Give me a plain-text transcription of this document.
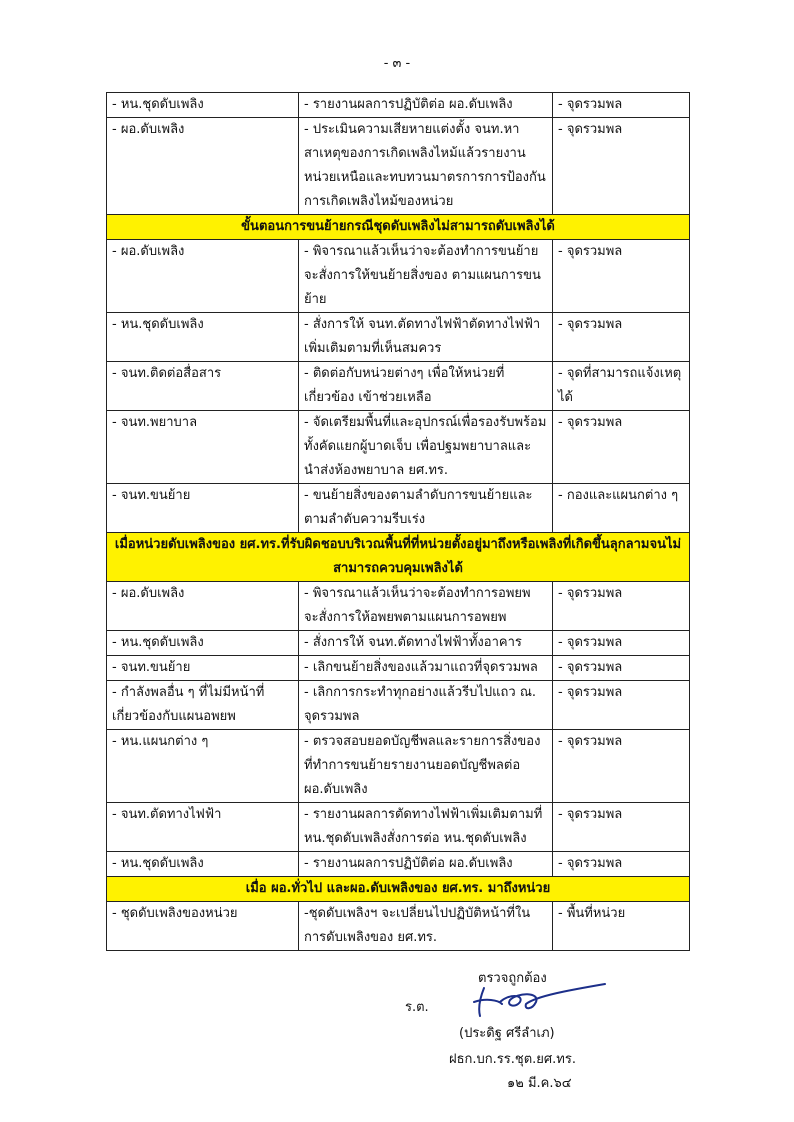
- ๓ -
- หน.ชุดดับเพลิง	- รายงานผลการปฏิบัติต่อ ผอ.ดับเพลิง	- จุดรวมพล
- ผอ.ดับเพลิง	- ประเมินความเสียหายแต่งตั้ง จนท.หาสาเหตุของการเกิดเพลิงไหม้แล้วรายงานหน่วยเหนือและทบทวนมาตรการการป้องกันการเกิดเพลิงไหม้ของหน่วย	- จุดรวมพล
ขั้นตอนการขนย้ายกรณีชุดดับเพลิงไม่สามารถดับเพลิงได้		
- ผอ.ดับเพลิง	- พิจารณาแล้วเห็นว่าจะต้องทำการขนย้าย จะสั่งการให้ขนย้ายสิ่งของ ตามแผนการขนย้าย	- จุดรวมพล
- หน.ชุดดับเพลิง	- สั่งการให้ จนท.ตัดทางไฟฟ้าตัดทางไฟฟ้าเพิ่มเติมตามที่เห็นสมควร	- จุดรวมพล
- จนท.ติดต่อสื่อสาร	- ติดต่อกับหน่วยต่างๆ เพื่อให้หน่วยที่เกี่ยวข้อง เข้าช่วยเหลือ	- จุดที่สามารถแจ้งเหตุได้
- จนท.พยาบาล	- จัดเตรียมพื้นที่และอุปกรณ์เพื่อรองรับพร้อมทั้งคัดแยกผู้บาดเจ็บ เพื่อปฐมพยาบาลและนำส่งห้องพยาบาล ยศ.ทร.	- จุดรวมพล
- จนท.ขนย้าย	- ขนย้ายสิ่งของตามลำดับการขนย้ายและตามลำดับความรีบเร่ง	- กองและแผนกต่าง ๆ
เมื่อหน่วยดับเพลิงของ ยศ.ทร.ที่รับผิดชอบบริเวณพื้นที่ที่หน่วยตั้งอยู่มาถึงหรือเพลิงที่เกิดขึ้นลุกลามจนไม่สามารถควบคุมเพลิงได้		
- ผอ.ดับเพลิง	- พิจารณาแล้วเห็นว่าจะต้องทำการอพยพ จะสั่งการให้อพยพตามแผนการอพยพ	- จุดรวมพล
- หน.ชุดดับเพลิง	- สั่งการให้ จนท.ตัดทางไฟฟ้าทั้งอาคาร	- จุดรวมพล
- จนท.ขนย้าย	- เลิกขนย้ายสิ่งของแล้วมาแถวที่จุดรวมพล	- จุดรวมพล
- กำลังพลอื่น ๆ ที่ไม่มีหน้าที่เกี่ยวข้องกับแผนอพยพ	- เลิกการกระทำทุกอย่างแล้วรีบไปแถว ณ. จุดรวมพล	- จุดรวมพล
- หน.แผนกต่าง ๆ	- ตรวจสอบยอดบัญชีพลและรายการสิ่งของที่ทำการขนย้ายรายงานยอดบัญชีพลต่อ ผอ.ดับเพลิง	- จุดรวมพล
- จนท.ตัดทางไฟฟ้า	- รายงานผลการตัดทางไฟฟ้าเพิ่มเติมตามที่ หน.ชุดดับเพลิงสั่งการต่อ หน.ชุดดับเพลิง	- จุดรวมพล
- หน.ชุดดับเพลิง	- รายงานผลการปฏิบัติต่อ ผอ.ดับเพลิง	- จุดรวมพล
เมื่อ ผอ.ทั่วไป และผอ.ดับเพลิงของ ยศ.ทร. มาถึงหน่วย		
- ชุดดับเพลิงของหน่วย	-ชุดดับเพลิงฯ จะเปลี่ยนไปปฏิบัติหน้าที่ในการดับเพลิงของ ยศ.ทร.	- พื้นที่หน่วย
ตรวจถูกต้อง
ร.ต.
(ประดิฐ ศรีลำเภ)
ฝธก.บก.รร.ชุต.ยศ.ทร.
๑๒ มี.ค.๖๔
